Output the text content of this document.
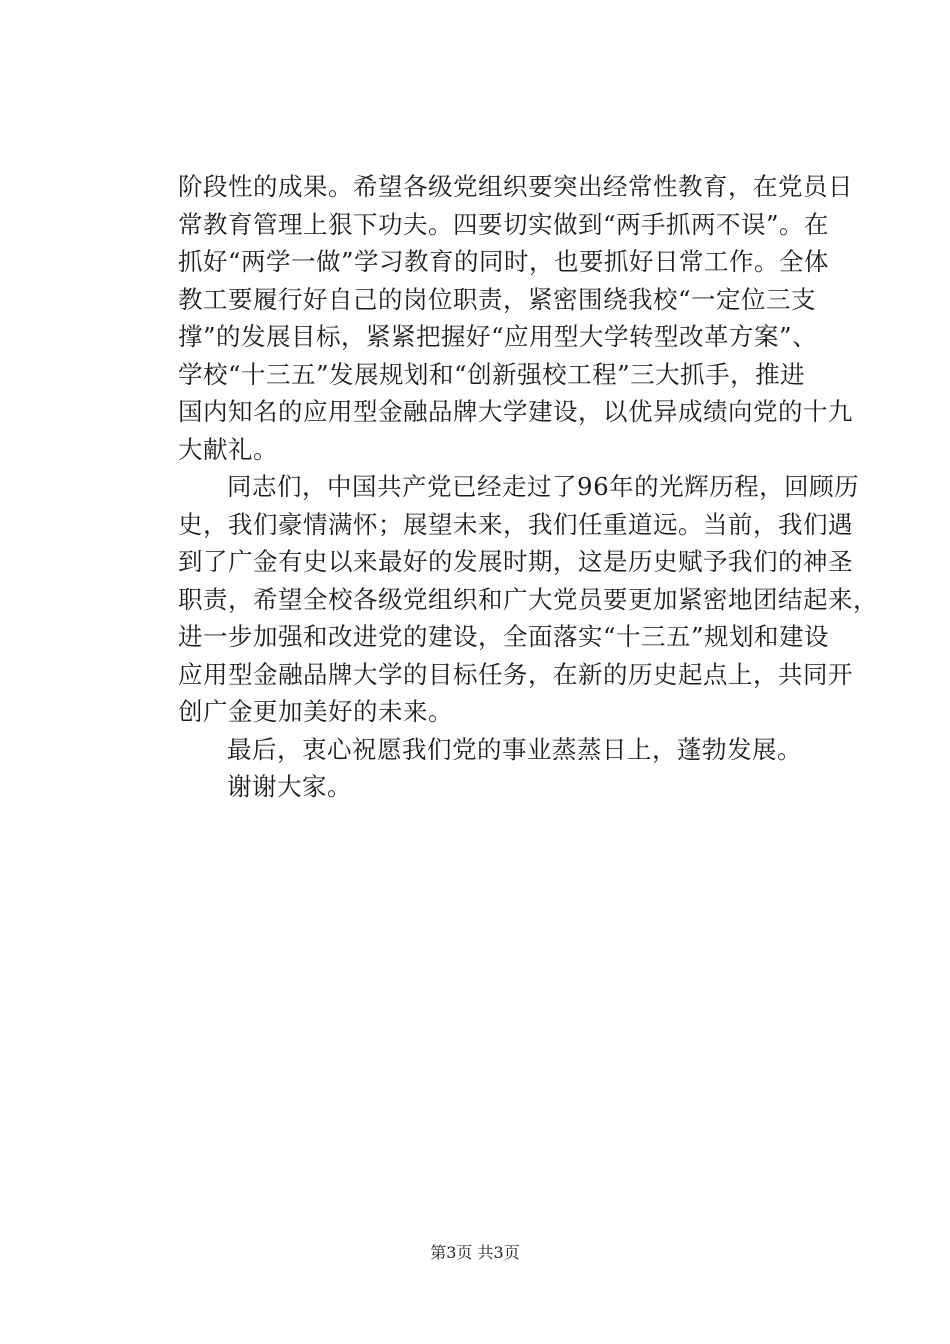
阶段性的成果。希望各级党组织要突出经常性教育，在党员日
常教育管理上狠下功夫。四要切实做到“两手抓两不误”。在
抓好“两学一做”学习教育的同时，也要抓好日常工作。全体
教工要履行好自己的岗位职责，紧密围绕我校“一定位三支
撑”的发展目标，紧紧把握好“应用型大学转型改革方案”、
学校“十三五”发展规划和“创新强校工程”三大抓手，推进
国内知名的应用型金融品牌大学建设，以优异成绩向党的十九
大献礼。

同志们，中国共产党已经走过了96年的光辉历程，回顾历
史，我们豪情满怀；展望未来，我们任重道远。当前，我们遇
到了广金有史以来最好的发展时期，这是历史赋予我们的神圣
职责，希望全校各级党组织和广大党员要更加紧密地团结起来，
进一步加强和改进党的建设，全面落实“十三五”规划和建设
应用型金融品牌大学的目标任务，在新的历史起点上，共同开
创广金更加美好的未来。

最后，衷心祝愿我们党的事业蒸蒸日上，蓬勃发展。

谢谢大家。

第3页 共3页
